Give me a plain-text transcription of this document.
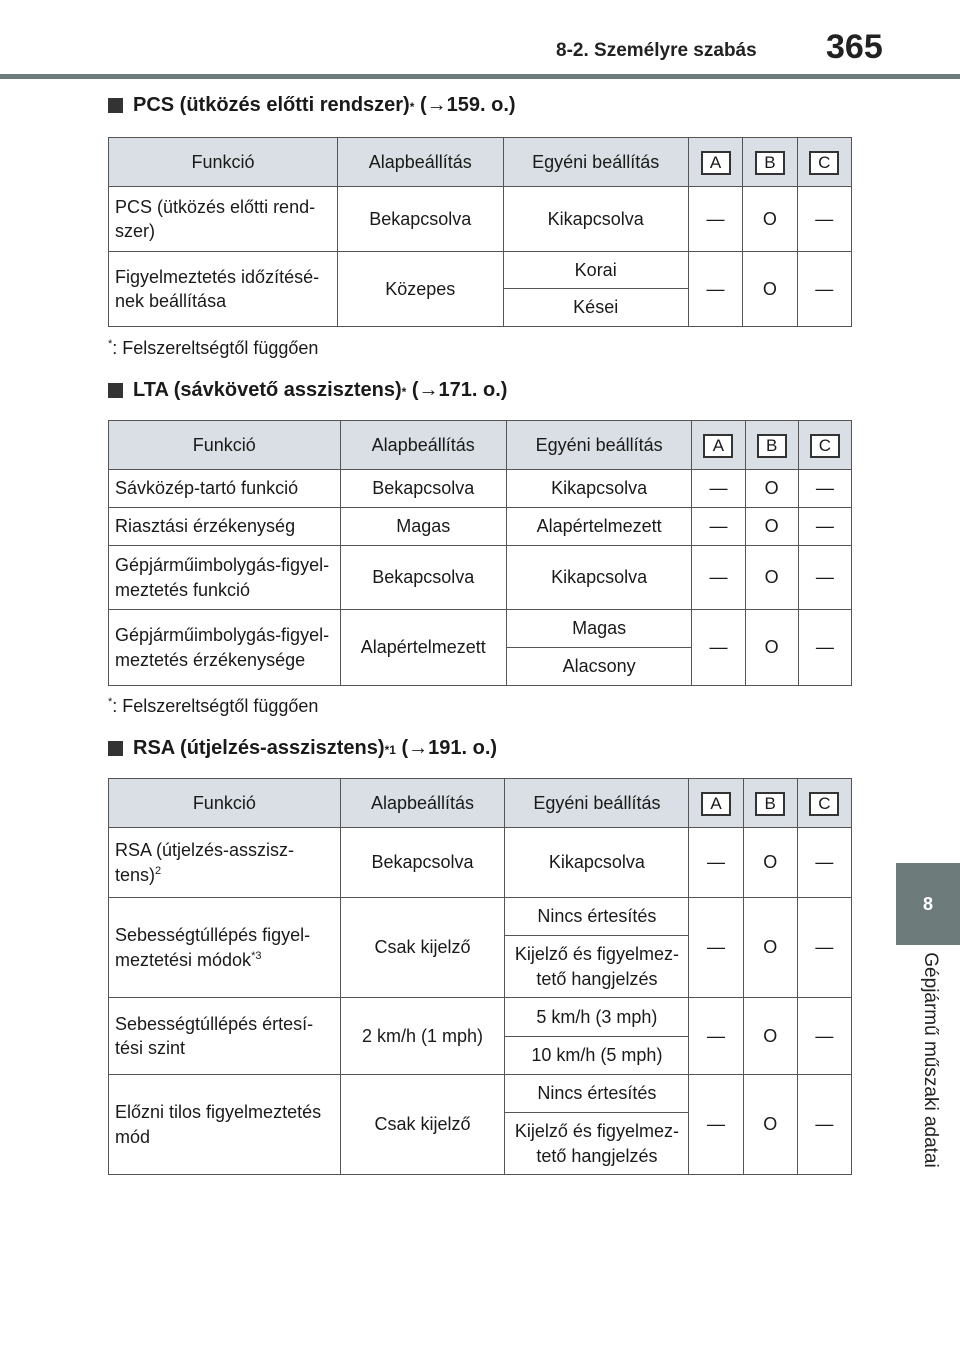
8-2. Személyre szabás 365
8
Gépjármű műszaki adatai
PCS (ütközés előtti rendszer) *
( → 159. o.)
Funkció	Alapbeállítás	Egyéni beállítás	A	B	C
PCS (ütközés előtti rend-szer)	Bekapcsolva	Kikapcsolva	—	O	—
Figyelmeztetés időzítésé-nek beállítása	Közepes	Korai	—	O	—
		Kései			
*: Felszereltségtől függően
LTA (sávkövető asszisztens) *
( → 171. o.)
Funkció	Alapbeállítás	Egyéni beállítás	A	B	C
Sávközép-tartó funkció	Bekapcsolva	Kikapcsolva	—	O	—
Riasztási érzékenység	Magas	Alapértelmezett	—	O	—
Gépjárműimbolygás-figyel-meztetés funkció	Bekapcsolva	Kikapcsolva	—	O	—
Gépjárműimbolygás-figyel-meztetés érzékenysége	Alapértelmezett	Magas	—	O	—
		Alacsony			
*: Felszereltségtől függően
RSA (útjelzés-asszisztens) *1
( → 191. o.)
Funkció	Alapbeállítás	Egyéni beállítás	A	B	C
RSA (útjelzés-asszisz-tens)$^2$	Bekapcsolva	Kikapcsolva	—	O	—
Sebességtúllépés figyel-meztetési módok$^{*3}$	Csak kijelző	Nincs értesítés	—	O	—
		Kijelző és figyelmez-tető hangjelzés			
Sebességtúllépés értesí-tési szint	2 km/h (1 mph)	5 km/h (3 mph)	—	O	—
		10 km/h (5 mph)			
Előzni tilos figyelmeztetés mód	Csak kijelző	Nincs értesítés	—	O	—
		Kijelző és figyelmez-tető hangjelzés			
